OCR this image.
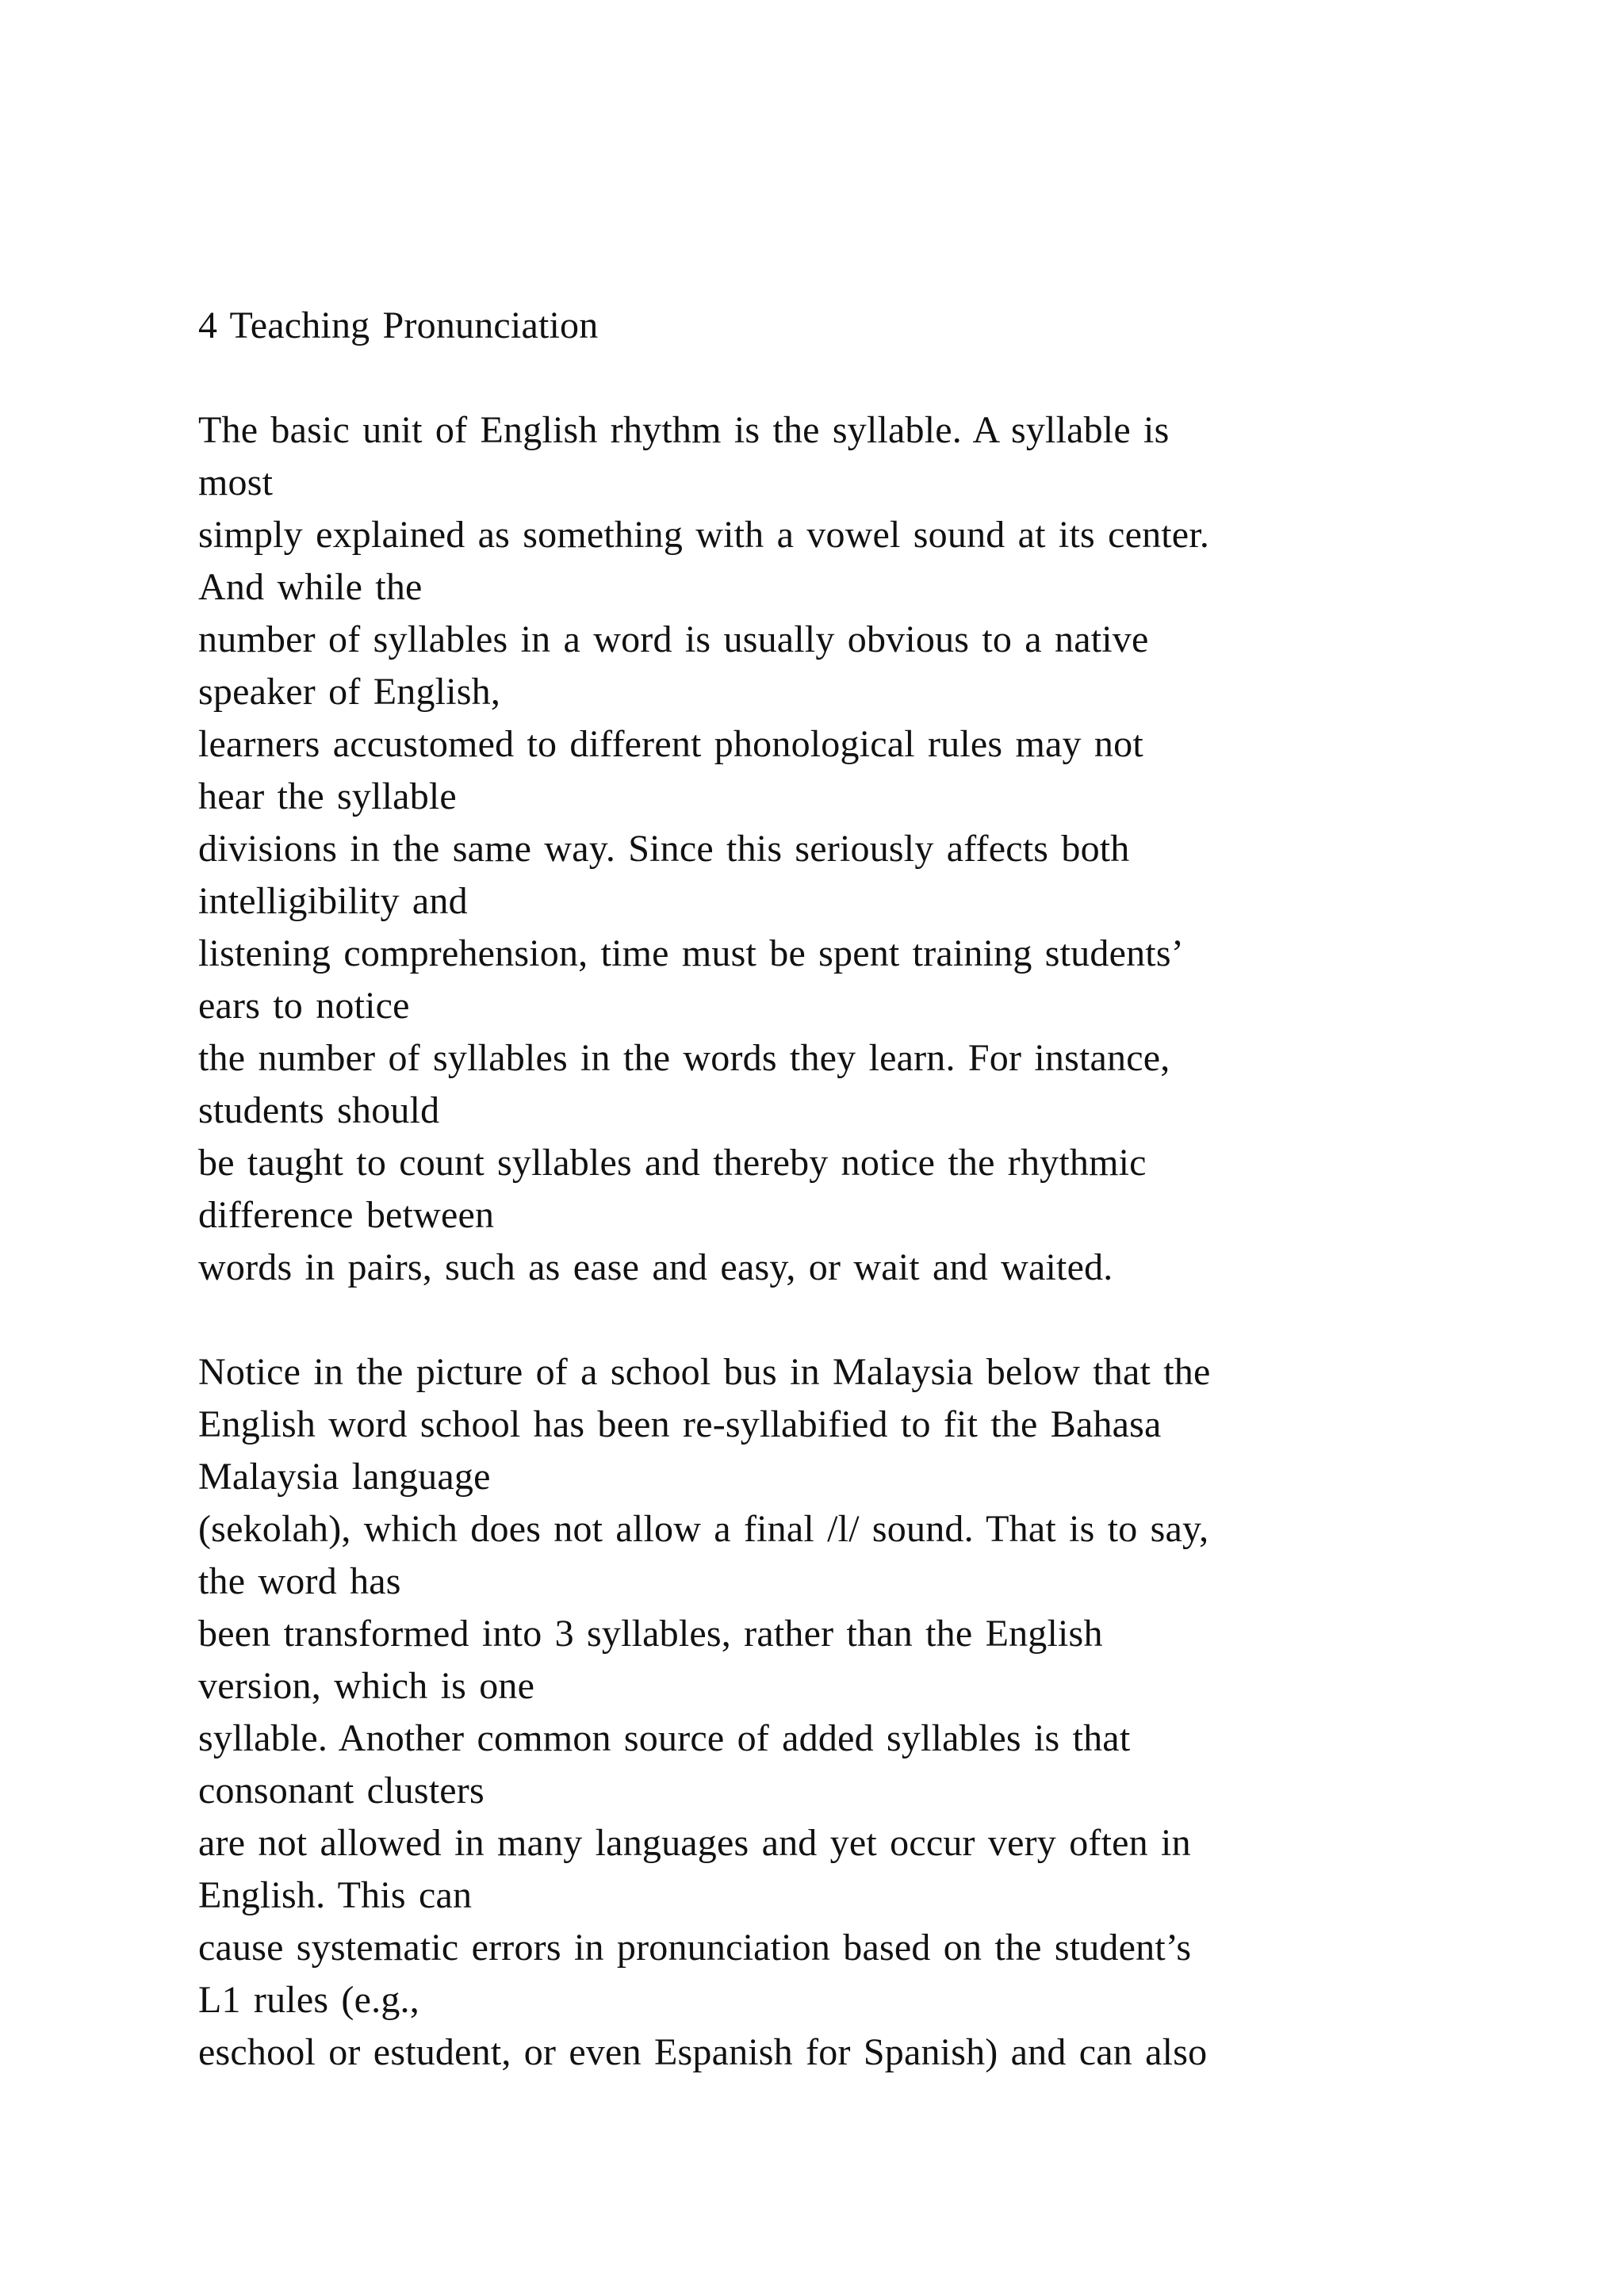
4 Teaching Pronunciation
The basic unit of English rhythm is the syllable. A syllable is
most
simply explained as something with a vowel sound at its center.
And while the
number of syllables in a word is usually obvious to a native
speaker of English,
learners accustomed to different phonological rules may not
hear the syllable
divisions in the same way. Since this seriously affects both
intelligibility and
listening comprehension, time must be spent training students’
ears to notice
the number of syllables in the words they learn. For instance,
students should
be taught to count syllables and thereby notice the rhythmic
difference between
words in pairs, such as ease and easy, or wait and waited.
Notice in the picture of a school bus in Malaysia below that the
English word school has been re-syllabified to fit the Bahasa
Malaysia language
(sekolah), which does not allow a final /l/ sound. That is to say,
the word has
been transformed into 3 syllables, rather than the English
version, which is one
syllable. Another common source of added syllables is that
consonant clusters
are not allowed in many languages and yet occur very often in
English. This can
cause systematic errors in pronunciation based on the student’s
L1 rules (e.g.,
eschool or estudent, or even Espanish for Spanish) and can also
